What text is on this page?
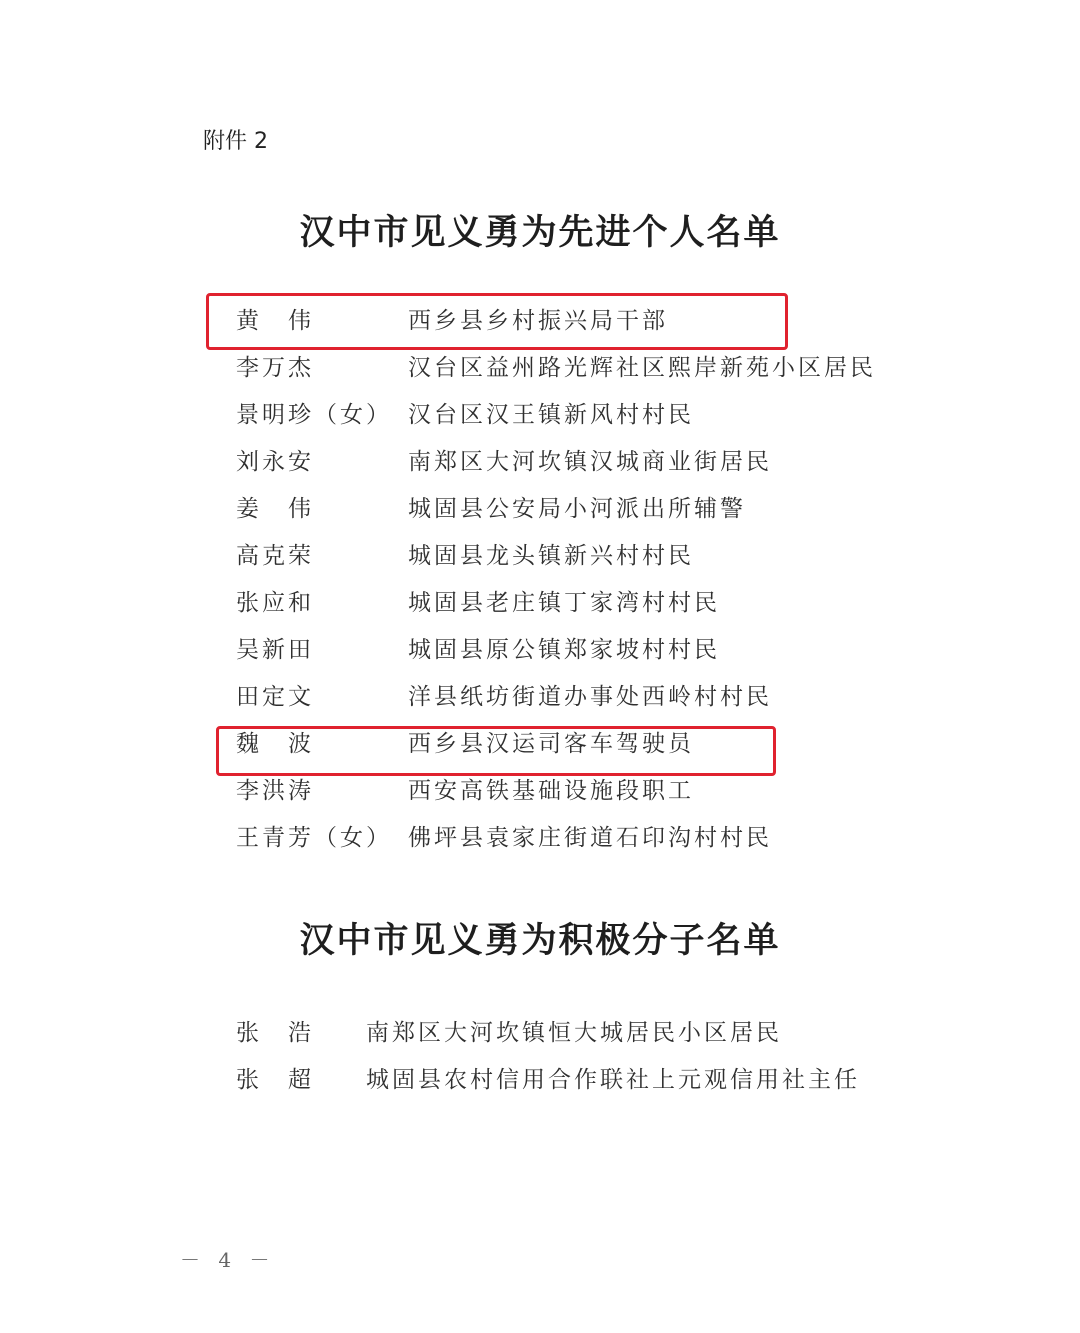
附件 2
汉中市见义勇为先进个人名单
黄　伟	西乡县乡村振兴局干部
李万杰	汉台区益州路光辉社区熙岸新苑小区居民
景明珍（女） 汉台区汉王镇新风村村民
刘永安	南郑区大河坎镇汉城商业街居民
姜　伟	城固县公安局小河派出所辅警
高克荣	城固县龙头镇新兴村村民
张应和	城固县老庄镇丁家湾村村民
吴新田	城固县原公镇郑家坡村村民
田定文	洋县纸坊街道办事处西岭村村民
魏　波	西乡县汉运司客车驾驶员
李洪涛	西安高铁基础设施段职工
王青芳（女） 佛坪县袁家庄街道石印沟村村民
汉中市见义勇为积极分子名单
张　浩 南郑区大河坎镇恒大城居民小区居民
张　超 城固县农村信用合作联社上元观信用社主任
－ 4 －
